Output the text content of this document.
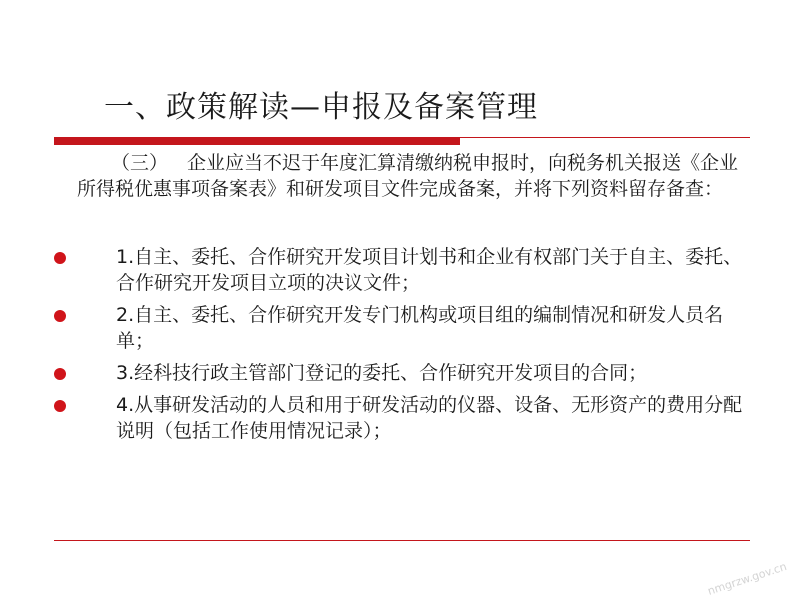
一、政策解读—申报及备案管理
（三）  企业应当不迟于年度汇算清缴纳税申报时，向税务机关报送《企业所得税优惠事项备案表》和研发项目文件完成备案，并将下列资料留存备查：
1.自主、委托、合作研究开发项目计划书和企业有权部门关于自主、委托、合作研究开发项目立项的决议文件；
2.自主、委托、合作研究开发专门机构或项目组的编制情况和研发人员名单；
3.经科技行政主管部门登记的委托、合作研究开发项目的合同；
4.从事研发活动的人员和用于研发活动的仪器、设备、无形资产的费用分配说明（包括工作使用情况记录）；
nmgrzw.gov.cn
